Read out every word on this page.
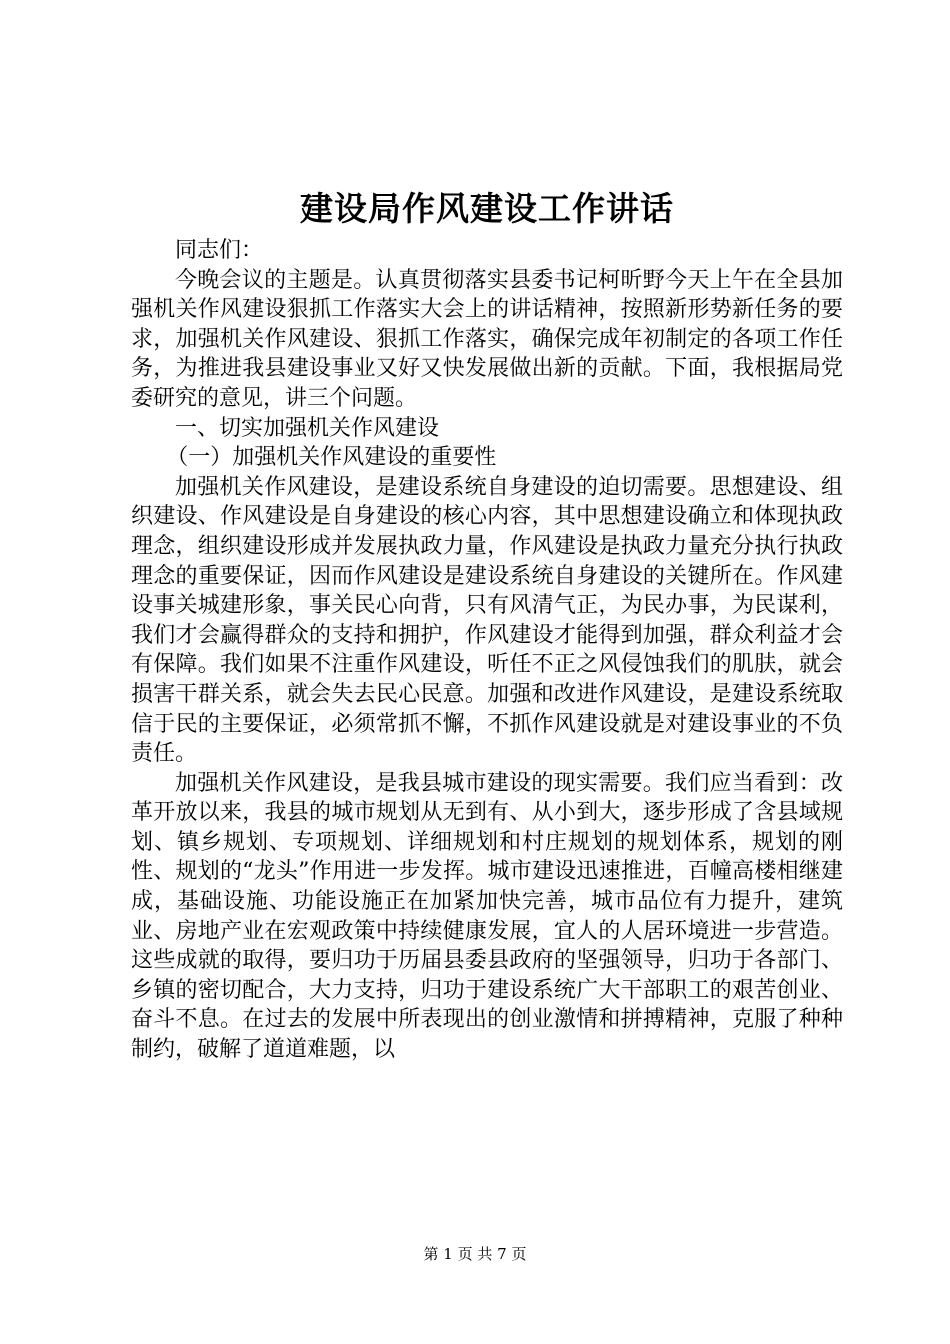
建设局作风建设工作讲话

同志们：

今晚会议的主题是。认真贯彻落实县委书记柯昕野今天上午在全县加强机关作风建设狠抓工作落实大会上的讲话精神，按照新形势新任务的要求，加强机关作风建设、狠抓工作落实，确保完成年初制定的各项工作任务，为推进我县建设事业又好又快发展做出新的贡献。下面，我根据局党委研究的意见，讲三个问题。

一、切实加强机关作风建设

（一）加强机关作风建设的重要性

加强机关作风建设，是建设系统自身建设的迫切需要。思想建设、组织建设、作风建设是自身建设的核心内容，其中思想建设确立和体现执政理念，组织建设形成并发展执政力量，作风建设是执政力量充分执行执政理念的重要保证，因而作风建设是建设系统自身建设的关键所在。作风建设事关城建形象，事关民心向背，只有风清气正，为民办事，为民谋利，我们才会赢得群众的支持和拥护，作风建设才能得到加强，群众利益才会有保障。我们如果不注重作风建设，听任不正之风侵蚀我们的肌肤，就会损害干群关系，就会失去民心民意。加强和改进作风建设，是建设系统取信于民的主要保证，必须常抓不懈，不抓作风建设就是对建设事业的不负责任。

加强机关作风建设，是我县城市建设的现实需要。我们应当看到：改革开放以来，我县的城市规划从无到有、从小到大，逐步形成了含县域规划、镇乡规划、专项规划、详细规划和村庄规划的规划体系，规划的刚性、规划的“龙头”作用进一步发挥。城市建设迅速推进，百幢高楼相继建成，基础设施、功能设施正在加紧加快完善，城市品位有力提升，建筑业、房地产业在宏观政策中持续健康发展，宜人的人居环境进一步营造。这些成就的取得，要归功于历届县委县政府的坚强领导，归功于各部门、乡镇的密切配合，大力支持，归功于建设系统广大干部职工的艰苦创业、奋斗不息。在过去的发展中所表现出的创业激情和拼搏精神，克服了种种制约，破解了道道难题，以

第 1 页 共 7 页
